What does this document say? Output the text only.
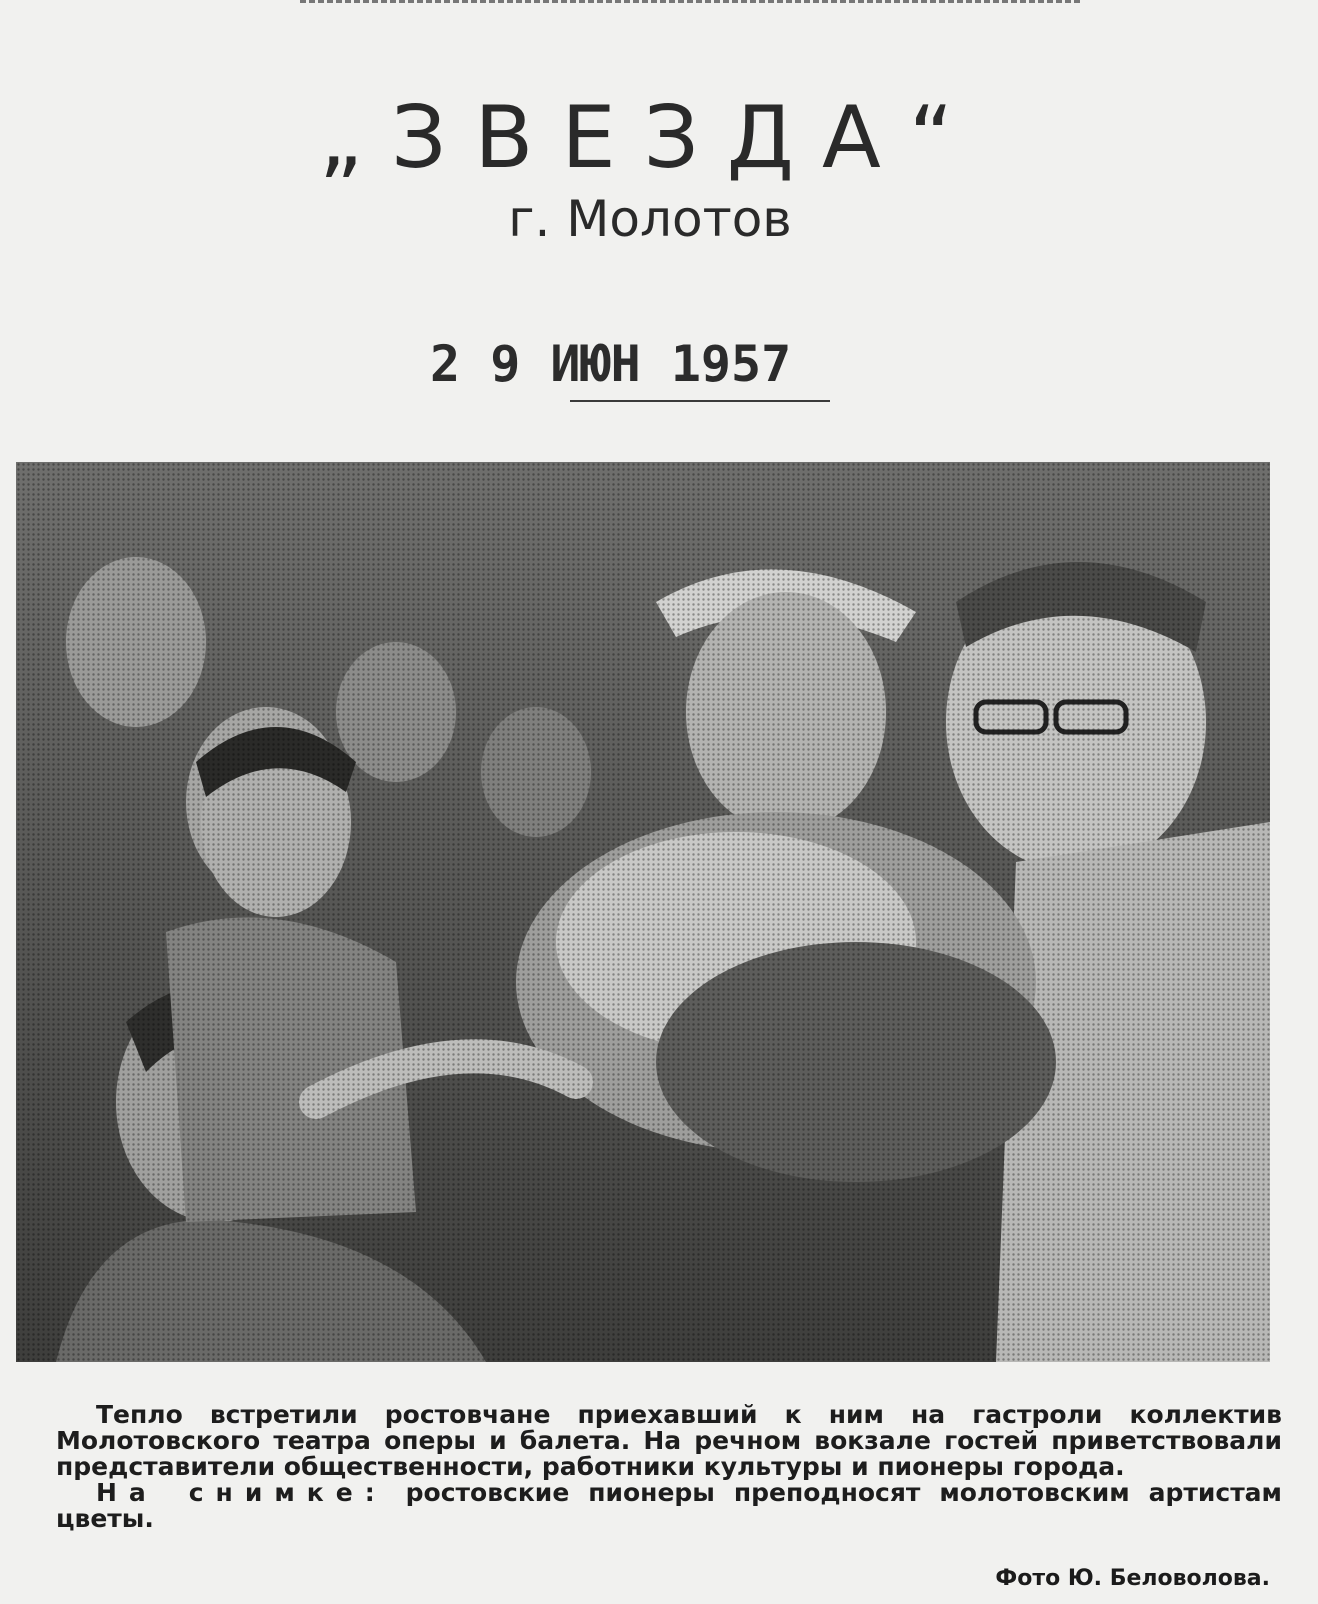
„ЗВЕЗДА“
г. Молотов
2 9 ИЮН 1957

Тепло встретили ростовчане приехавший к ним на гастроли коллектив Молотовского театра оперы и балета. На речном вокзале гостей приветствовали представители общественности, работники культуры и пионеры города.

На снимке: ростовские пионеры преподносят молотовским артистам цветы.

Фото Ю. Беловолова.
